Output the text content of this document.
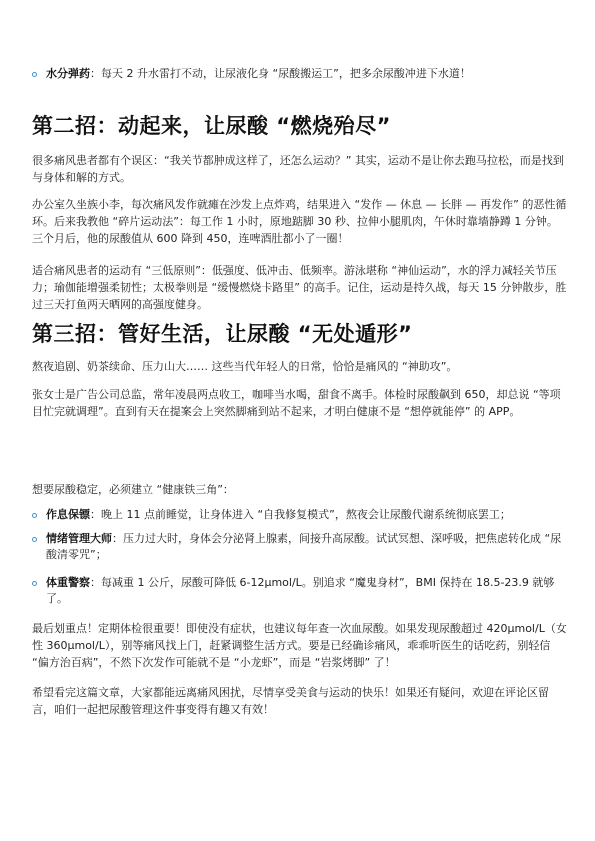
水分弹药：每天 2 升水雷打不动，让尿液化身 “尿酸搬运工”，把多余尿酸冲进下水道！
第二招：动起来，让尿酸 “燃烧殆尽”
很多痛风患者都有个误区：“我关节都肿成这样了，还怎么运动？” 其实，运动不是让你去跑马拉松，而是找到与身体和解的方式。
办公室久坐族小李，每次痛风发作就瘫在沙发上点炸鸡，结果进入 “发作 — 休息 — 长胖 — 再发作” 的恶性循环。后来我教他 “碎片运动法”：每工作 1 小时，原地踮脚 30 秒、拉伸小腿肌肉，午休时靠墙静蹲 1 分钟。三个月后，他的尿酸值从 600 降到 450，连啤酒肚都小了一圈！
适合痛风患者的运动有 “三低原则”：低强度、低冲击、低频率。游泳堪称 “神仙运动”，水的浮力减轻关节压力；瑜伽能增强柔韧性；太极拳则是 “缓慢燃烧卡路里” 的高手。记住，运动是持久战，每天 15 分钟散步，胜过三天打鱼两天晒网的高强度健身。
第三招：管好生活，让尿酸 “无处遁形”
熬夜追剧、奶茶续命、压力山大…… 这些当代年轻人的日常，恰恰是痛风的 “神助攻”。
张女士是广告公司总监，常年凌晨两点收工，咖啡当水喝，甜食不离手。体检时尿酸飙到 650，却总说 “等项目忙完就调理”。直到有天在提案会上突然脚痛到站不起来，才明白健康不是 “想停就能停” 的 APP。
想要尿酸稳定，必须建立 “健康铁三角”：
作息保镖：晚上 11 点前睡觉，让身体进入 “自我修复模式”，熬夜会让尿酸代谢系统彻底罢工；
情绪管理大师：压力过大时，身体会分泌肾上腺素，间接升高尿酸。试试冥想、深呼吸，把焦虑转化成 “尿酸清零咒”；
体重警察：每减重 1 公斤，尿酸可降低 6-12μmol/L。别追求 “魔鬼身材”，BMI 保持在 18.5-23.9 就够了。
最后划重点！定期体检很重要！即使没有症状，也建议每年查一次血尿酸。如果发现尿酸超过 420μmol/L（女性 360μmol/L），别等痛风找上门，赶紧调整生活方式。要是已经确诊痛风，乖乖听医生的话吃药，别轻信 “偏方治百病”，不然下次发作可能就不是 “小龙虾”，而是 “岩浆烤脚” 了！
希望看完这篇文章，大家都能远离痛风困扰，尽情享受美食与运动的快乐！如果还有疑问，欢迎在评论区留言，咱们一起把尿酸管理这件事变得有趣又有效！
